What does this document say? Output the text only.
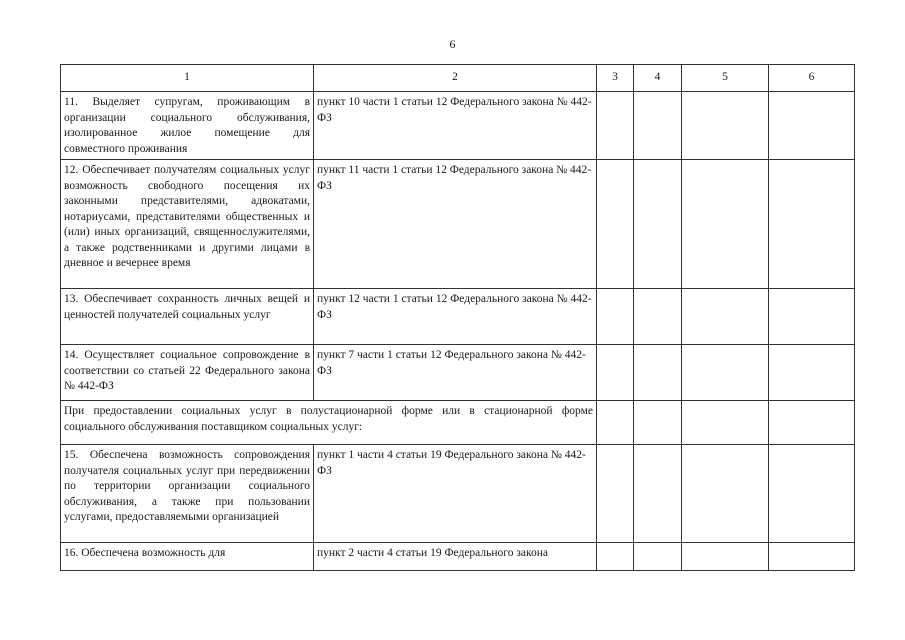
6
1	2	3	4	5	6
11. Выделяет супругам, проживающим в организации социального обслуживания, изолированное жилое помещение для совместного проживания	пункт 10 части 1 статьи 12 Федерального закона № 442-ФЗ				
12. Обеспечивает получателям социальных услуг возможность свободного посещения их законными представителями, адвокатами, нотариусами, представителями общественных и (или) иных организаций, священнослужителями, а также родственниками и другими лицами в дневное и вечернее время	пункт 11 части 1 статьи 12 Федерального закона № 442-ФЗ				
13. Обеспечивает сохранность личных вещей и ценностей получателей социальных услуг	пункт 12 части 1 статьи 12 Федерального закона № 442-ФЗ				
14. Осуществляет социальное сопровождение в соответствии со статьей 22 Федерального закона № 442-ФЗ	пункт 7 части 1 статьи 12 Федерального закона № 442-ФЗ				
При предоставлении социальных услуг в полустационарной форме или в стационарной форме социального обслуживания поставщиком социальных услуг:					
15. Обеспечена возможность сопровождения получателя социальных услуг при передвижении по территории организации социального обслуживания, а также при пользовании услугами, предоставляемыми организацией	пункт 1 части 4 статьи 19 Федерального закона № 442-ФЗ				
16. Обеспечена возможность для	пункт 2 части 4 статьи 19 Федерального закона				
